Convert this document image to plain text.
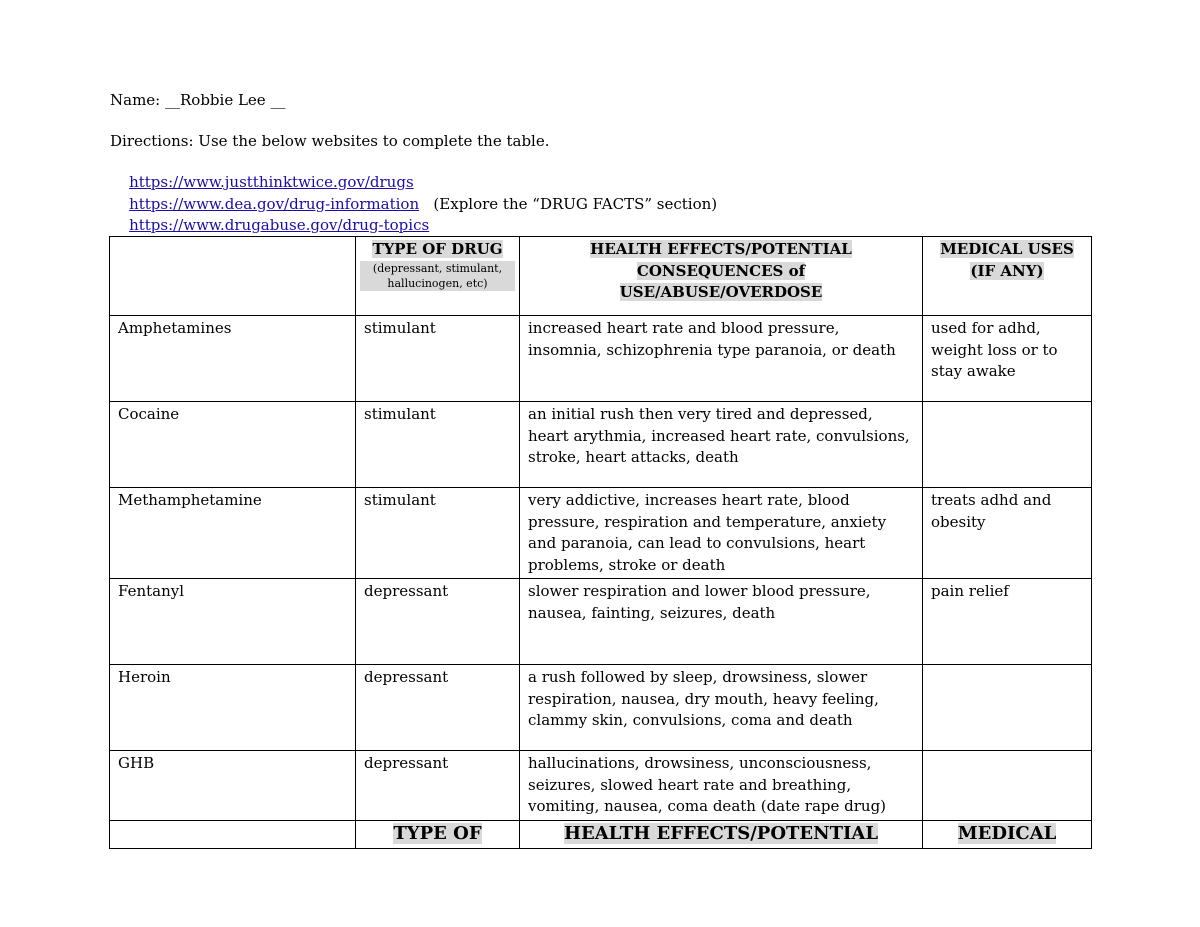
Name: __Robbie Lee __
Directions: Use the below websites to complete the table.

https://www.justthinktwice.gov/drugs

https://www.dea.gov/drug-information   (Explore the “DRUG FACTS” section)

https://www.drugabuse.gov/drug-topics

	TYPE OF DRUG
(depressant, stimulant, hallucinogen, etc)	HEALTH EFFECTS/POTENTIAL
CONSEQUENCES of
USE/ABUSE/OVERDOSE	MEDICAL USES
(IF ANY)
Amphetamines	stimulant	increased heart rate and blood pressure, insomnia, schizophrenia type paranoia, or death	used for adhd, weight loss or to stay awake
Cocaine	stimulant	an initial rush then very tired and depressed, heart arythmia, increased heart rate, convulsions, stroke, heart attacks, death	
Methamphetamine	stimulant	very addictive, increases heart rate, blood pressure, respiration and temperature, anxiety and paranoia, can lead to convulsions, heart problems, stroke or death	treats adhd and obesity
Fentanyl	depressant	slower respiration and lower blood pressure, nausea, fainting, seizures, death	pain relief
Heroin	depressant	a rush followed by sleep, drowsiness, slower respiration, nausea, dry mouth, heavy feeling, clammy skin, convulsions, coma and death	
GHB	depressant	hallucinations, drowsiness, unconsciousness, seizures, slowed heart rate and breathing, vomiting, nausea, coma death (date rape drug)	
	TYPE OF	HEALTH EFFECTS/POTENTIAL	MEDICAL
